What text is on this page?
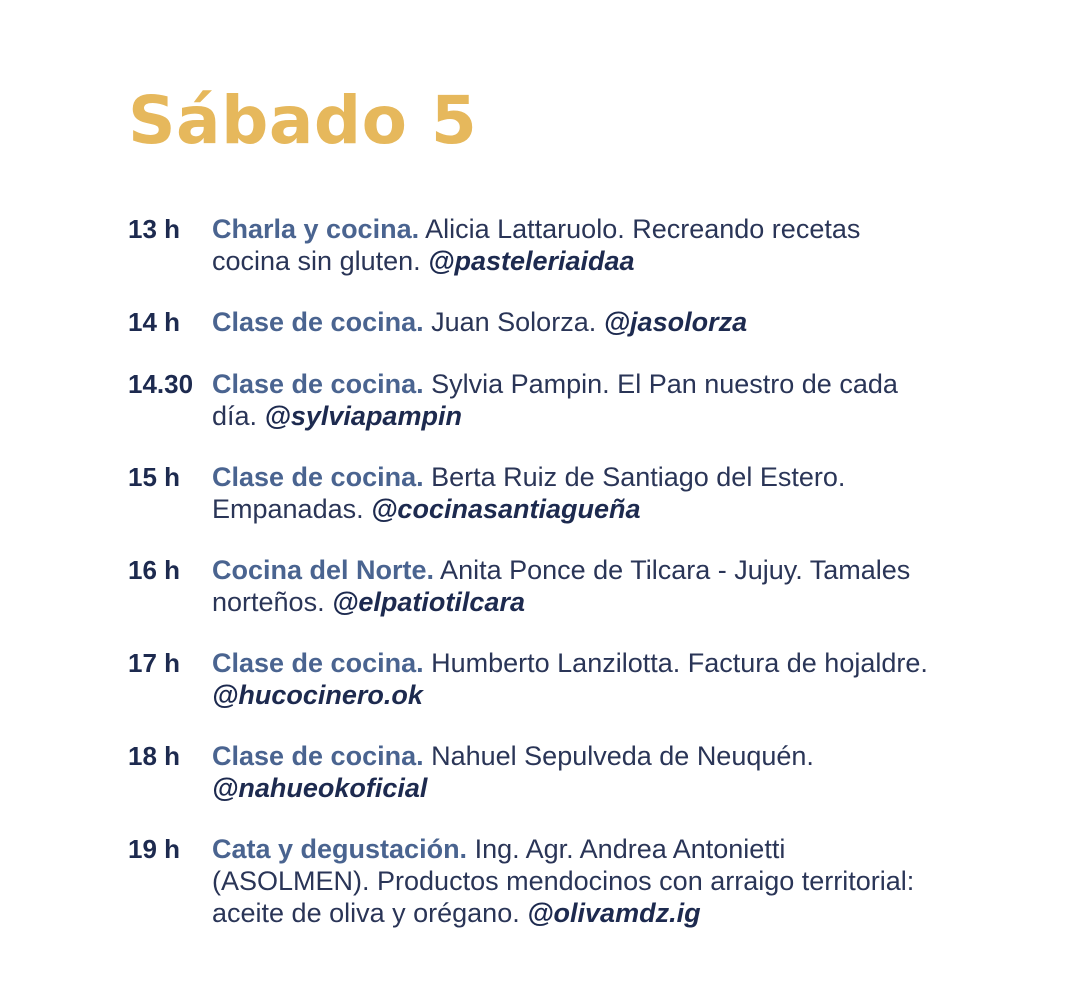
Sábado 5
13 h Charla y cocina. Alicia Lattaruolo. Recreando recetas cocina sin gluten. @pasteleriaidaa
14 h Clase de cocina. Juan Solorza. @jasolorza
14.30 Clase de cocina. Sylvia Pampin. El Pan nuestro de cada día. @sylviapampin
15 h Clase de cocina. Berta Ruiz de Santiago del Estero. Empanadas. @cocinasantiagueña
16 h Cocina del Norte. Anita Ponce de Tilcara - Jujuy. Tamales norteños. @elpatiotilcara
17 h Clase de cocina. Humberto Lanzilotta. Factura de hojaldre. @hucocinero.ok
18 h Clase de cocina. Nahuel Sepulveda de Neuquén. @nahueokoficial
19 h Cata y degustación. Ing. Agr. Andrea Antonietti (ASOLMEN). Productos mendocinos con arraigo territorial: aceite de oliva y orégano. @olivamdz.ig
